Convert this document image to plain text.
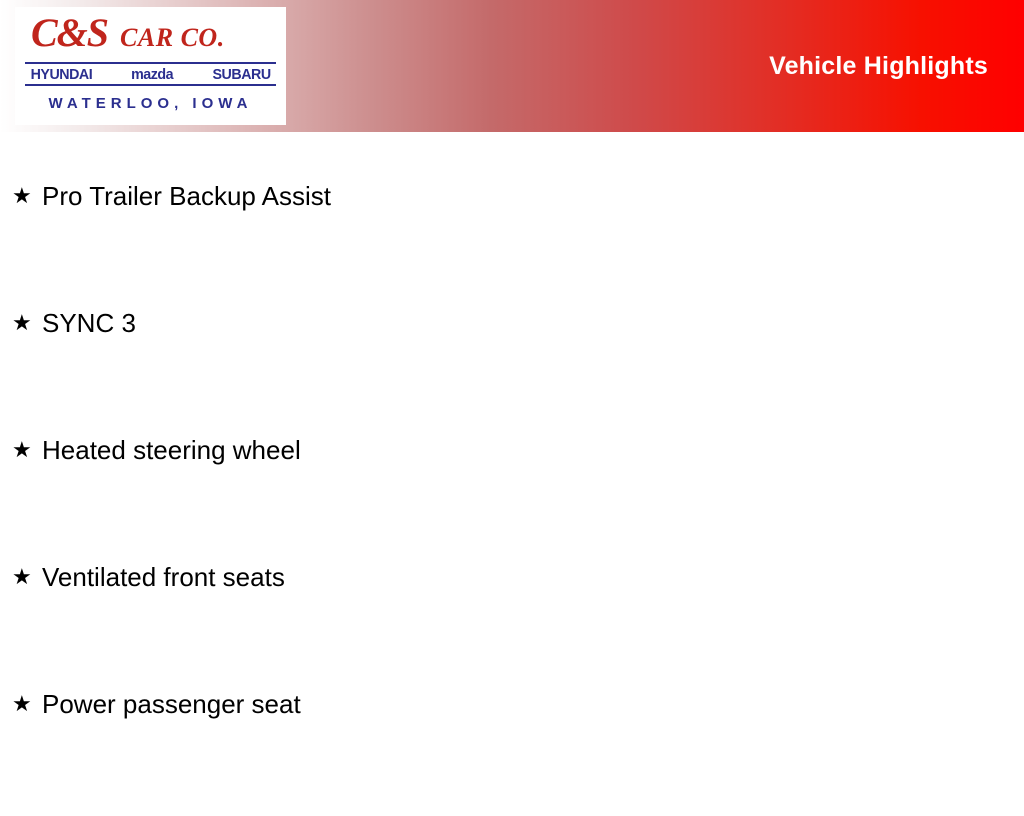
C&S CAR CO.
HYUNDAI	mazda	SUBARU
WATERLOO, IOWA
Vehicle Highlights
★ Pro Trailer Backup Assist
★ SYNC 3
★ Heated steering wheel
★ Ventilated front seats
★ Power passenger seat
